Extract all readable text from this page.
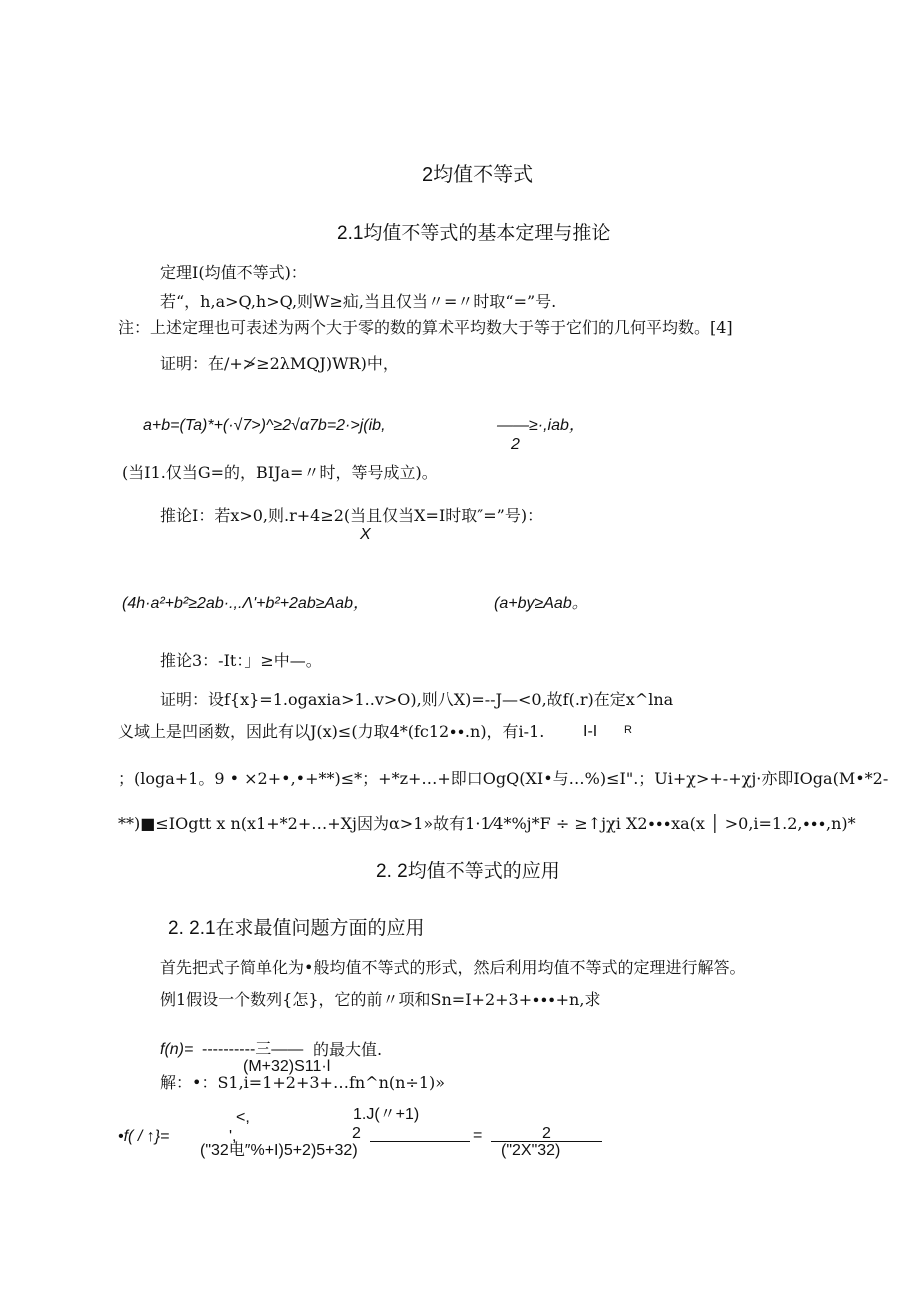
2均值不等式
2.1均值不等式的基本定理与推论
定理I(均值不等式)：
若“，h,a>Q,h>Q,则W≥疝,当且仅当〃=〃时取“=”号.
注：上述定理也可表述为两个大于零的数的算术平均数大于等于它们的几何平均数。[4]
证明：在/+≯≥2λMQJ)WR)中，
a+b=(Ta)*+(·√7>)^≥2√α7b=2·>j(ib,	——≥·,iab，
2
(当I1.仅当G=的，BIJa=〃时，等号成立)。
推论I：若x>0,则.r+4≥2(当且仅当X=I时取″=”号)：
X
(4h·a²+b²≥2ab·.,.Λ'+b²+2ab≥Aab，	(a+by≥Aab。
推论3：-It：」≥中—。
证明：设f{x}=1.ogaxia>1..v>O),则八X)=--J—<0,故f(.r)在定x^lna
义域上是凹函数，因此有以J(x)≤(力取4*(fc12∙∙.n)，有i-1. I-I R
；(loga+1。9 • ×2+•,•+**)≤*；+*z+…+即口OgQ(XI•与…%)≤I".；Ui+χ>+-+χj·亦即IOga(M•*2-
**)■≤IOgtt x n(x1+*2+…+Xj因为α>1»故有1·1⁄4*%j*F ÷ ≥↑jχi X2∙∙∙xa(x │ >0,i=1.2,∙∙∙,n)*
2. 2均值不等式的应用
2. 2.1在求最值问题方面的应用
首先把式子简单化为•般均值不等式的形式，然后利用均值不等式的定理进行解答。
例1假设一个数列{怎}，它的前〃项和Sn=I+2+3+∙∙∙+n,求
f(n)= ----------三—— 的最大值.
(M+32)S11·l
解：•：S1,i=1+2+3+…fn^n(n÷1)»
<,	1.J(〃+1)
•f( / ↑}=	',	2
("32电″%+I)5+2)5+32)
=	2
("2X"32)
